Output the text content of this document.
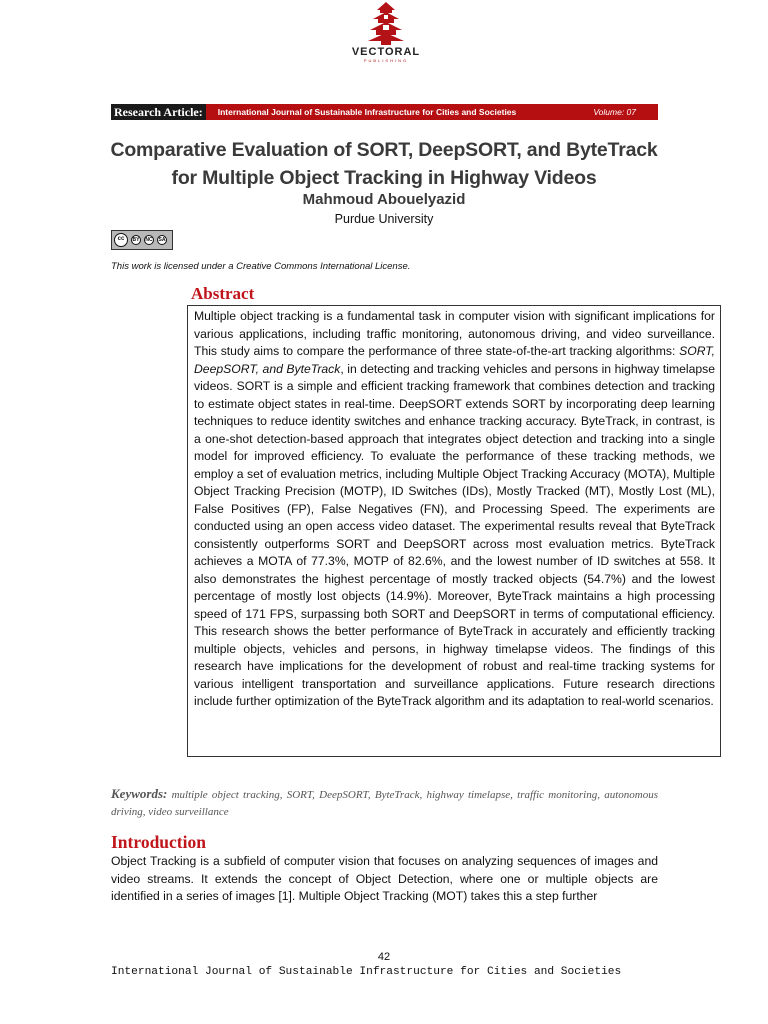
VECTORAL
PUBLISHING
Research Article:	International Journal of Sustainable Infrastructure for Cities and Societies	Volume: 07
Comparative Evaluation of SORT, DeepSORT, and ByteTrack
for Multiple Object Tracking in Highway Videos
Mahmoud Abouelyazid
Purdue University
cc	BY	NC	SA
This work is licensed under a Creative Commons International License.
Abstract

Multiple object tracking is a fundamental task in computer vision with significant implications for various applications, including traffic monitoring, autonomous driving, and video surveillance. This study aims to compare the performance of three state-of-the-art tracking algorithms: SORT, DeepSORT, and ByteTrack, in detecting and tracking vehicles and persons in highway timelapse videos. SORT is a simple and efficient tracking framework that combines detection and tracking to estimate object states in real-time. DeepSORT extends SORT by incorporating deep learning techniques to reduce identity switches and enhance tracking accuracy. ByteTrack, in contrast, is a one-shot detection-based approach that integrates object detection and tracking into a single model for improved efficiency. To evaluate the performance of these tracking methods, we employ a set of evaluation metrics, including Multiple Object Tracking Accuracy (MOTA), Multiple Object Tracking Precision (MOTP), ID Switches (IDs), Mostly Tracked (MT), Mostly Lost (ML), False Positives (FP), False Negatives (FN), and Processing Speed. The experiments are conducted using an open access video dataset. The experimental results reveal that ByteTrack consistently outperforms SORT and DeepSORT across most evaluation metrics. ByteTrack achieves a MOTA of 77.3%, MOTP of 82.6%, and the lowest number of ID switches at 558. It also demonstrates the highest percentage of mostly tracked objects (54.7%) and the lowest percentage of mostly lost objects (14.9%). Moreover, ByteTrack maintains a high processing speed of 171 FPS, surpassing both SORT and DeepSORT in terms of computational efficiency. This research shows the better performance of ByteTrack in accurately and efficiently tracking multiple objects, vehicles and persons, in highway timelapse videos. The findings of this research have implications for the development of robust and real-time tracking systems for various intelligent transportation and surveillance applications. Future research directions include further optimization of the ByteTrack algorithm and its adaptation to real-world scenarios.

Keywords: multiple object tracking, SORT, DeepSORT, ByteTrack, highway timelapse, traffic monitoring, autonomous driving, video surveillance
Introduction

Object Tracking is a subfield of computer vision that focuses on analyzing sequences of images and video streams. It extends the concept of Object Detection, where one or multiple objects are identified in a series of images [1]. Multiple Object Tracking (MOT) takes this a step further

42
International Journal of Sustainable Infrastructure for Cities and Societies
